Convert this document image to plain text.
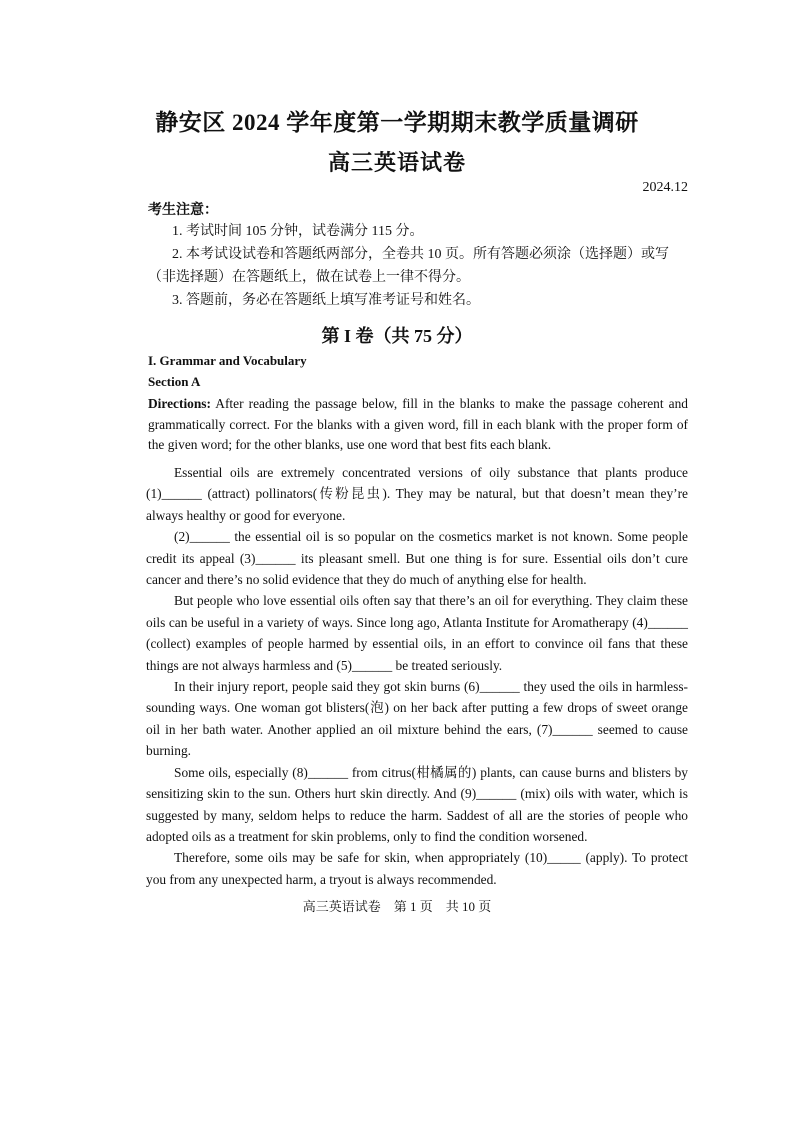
静安区 2024 学年度第一学期期末教学质量调研
高三英语试卷
2024.12
考生注意：

1. 考试时间 105 分钟，试卷满分 115 分。

2. 本考试设试卷和答题纸两部分，全卷共 10 页。所有答题必须涂（选择题）或写（非选择题）在答题纸上，做在试卷上一律不得分。

3. 答题前，务必在答题纸上填写准考证号和姓名。

第 I 卷（共 75 分）
I. Grammar and Vocabulary
Section A
Directions: After reading the passage below, fill in the blanks to make the passage coherent and grammatically correct. For the blanks with a given word, fill in each blank with the proper form of the given word; for the other blanks, use one word that best fits each blank.

Essential oils are extremely concentrated versions of oily substance that plants produce (1)______ (attract) pollinators(传粉昆虫). They may be natural, but that doesn’t mean they’re always healthy or good for everyone.

(2)______ the essential oil is so popular on the cosmetics market is not known. Some people credit its appeal (3)______ its pleasant smell. But one thing is for sure. Essential oils don’t cure cancer and there’s no solid evidence that they do much of anything else for health.

But people who love essential oils often say that there’s an oil for everything. They claim these oils can be useful in a variety of ways. Since long ago, Atlanta Institute for Aromatherapy (4)______ (collect) examples of people harmed by essential oils, in an effort to convince oil fans that these things are not always harmless and (5)______ be treated seriously.

In their injury report, people said they got skin burns (6)______ they used the oils in harmless-sounding ways. One woman got blisters(泡) on her back after putting a few drops of sweet orange oil in her bath water. Another applied an oil mixture behind the ears, (7)______ seemed to cause burning.

Some oils, especially (8)______ from citrus(柑橘属的) plants, can cause burns and blisters by sensitizing skin to the sun. Others hurt skin directly. And (9)______ (mix) oils with water, which is suggested by many, seldom helps to reduce the harm. Saddest of all are the stories of people who adopted oils as a treatment for skin problems, only to find the condition worsened.

Therefore, some oils may be safe for skin, when appropriately (10)_____ (apply). To protect you from any unexpected harm, a tryout is always recommended.

高三英语试卷　第 1 页　共 10 页
